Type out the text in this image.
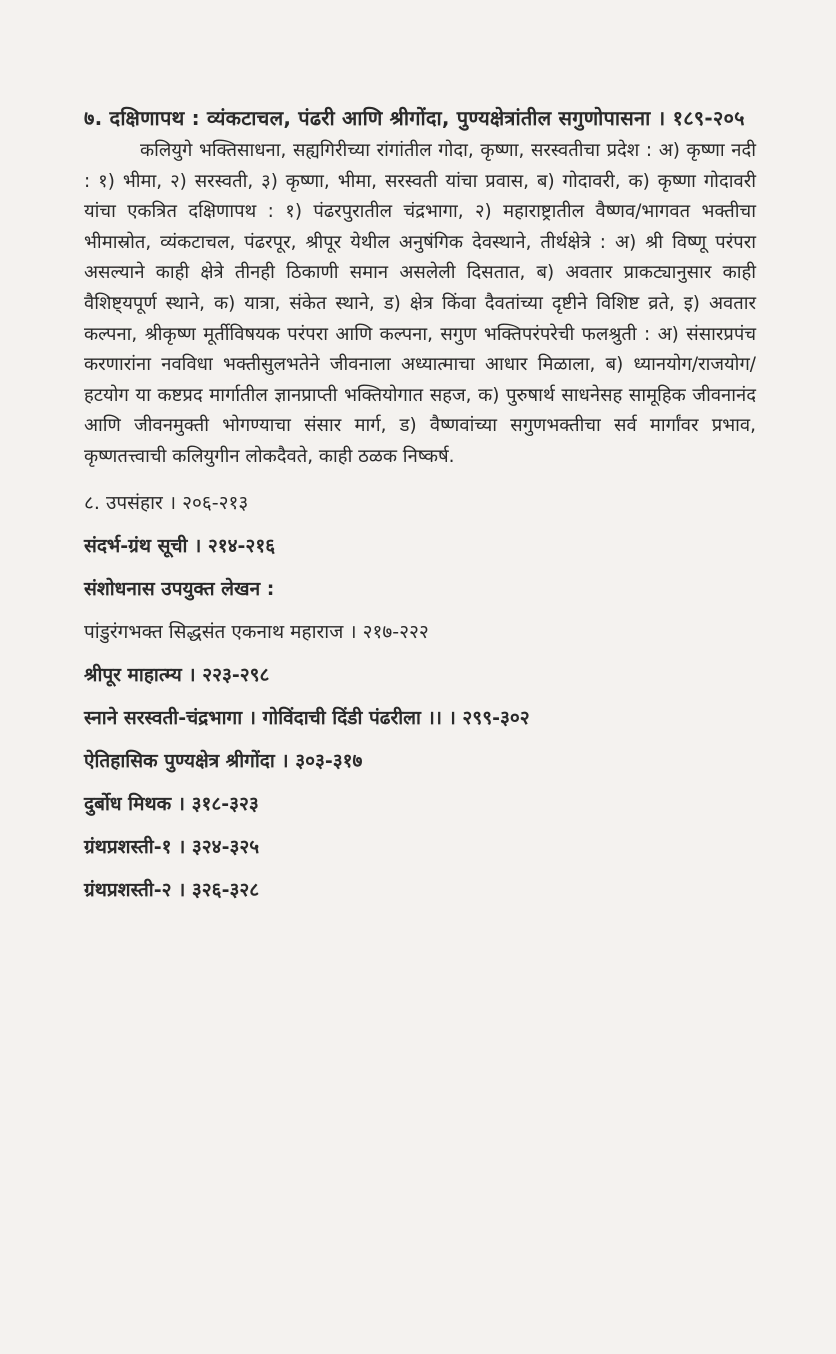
७. दक्षिणापथ : व्यंकटाचल, पंढरी आणि श्रीगोंदा, पुण्यक्षेत्रांतील सगुणोपासना । १८९-२०५

कलियुगे भक्तिसाधना, सह्यगिरीच्या रांगांतील गोदा, कृष्णा, सरस्वतीचा प्रदेश : अ) कृष्णा नदी : १) भीमा, २) सरस्वती, ३) कृष्णा, भीमा, सरस्वती यांचा प्रवास, ब) गोदावरी, क) कृष्णा गोदावरी यांचा एकत्रित दक्षिणापथ : १) पंढरपुरातील चंद्रभागा, २) महाराष्ट्रातील वैष्णव/भागवत भक्तीचा भीमास्रोत, व्यंकटाचल, पंढरपूर, श्रीपूर येथील अनुषंगिक देवस्थाने, तीर्थक्षेत्रे : अ) श्री विष्णू परंपरा असल्याने काही क्षेत्रे तीनही ठिकाणी समान असलेली दिसतात, ब) अवतार प्राकट्यानुसार काही वैशिष्ट्यपूर्ण स्थाने, क) यात्रा, संकेत स्थाने, ड) क्षेत्र किंवा दैवतांच्या दृष्टीने विशिष्ट व्रते, इ) अवतार कल्पना, श्रीकृष्ण मूर्तीविषयक परंपरा आणि कल्पना, सगुण भक्तिपरंपरेची फलश्रुती : अ) संसारप्रपंच करणारांना नवविधा भक्तीसुलभतेने जीवनाला अध्यात्माचा आधार मिळाला, ब) ध्यानयोग/राजयोग/हटयोग या कष्टप्रद मार्गातील ज्ञानप्राप्ती भक्तियोगात सहज, क) पुरुषार्थ साधनेसह सामूहिक जीवनानंद आणि जीवनमुक्ती भोगण्याचा संसार मार्ग, ड) वैष्णवांच्या सगुणभक्तीचा सर्व मार्गांवर प्रभाव, कृष्णतत्त्वाची कलियुगीन लोकदैवते, काही ठळक निष्कर्ष.

८. उपसंहार । २०६-२१३

संदर्भ-ग्रंथ सूची । २१४-२१६

संशोधनास उपयुक्त लेखन :

पांडुरंगभक्त सिद्धसंत एकनाथ महाराज । २१७-२२२

श्रीपूर माहात्म्य । २२३-२९८

स्नाने सरस्वती-चंद्रभागा । गोविंदाची दिंडी पंढरीला ।। । २९९-३०२

ऐतिहासिक पुण्यक्षेत्र श्रीगोंदा । ३०३-३१७

दुर्बोध मिथक । ३१८-३२३

ग्रंथप्रशस्ती-१ । ३२४-३२५

ग्रंथप्रशस्ती-२ । ३२६-३२८
